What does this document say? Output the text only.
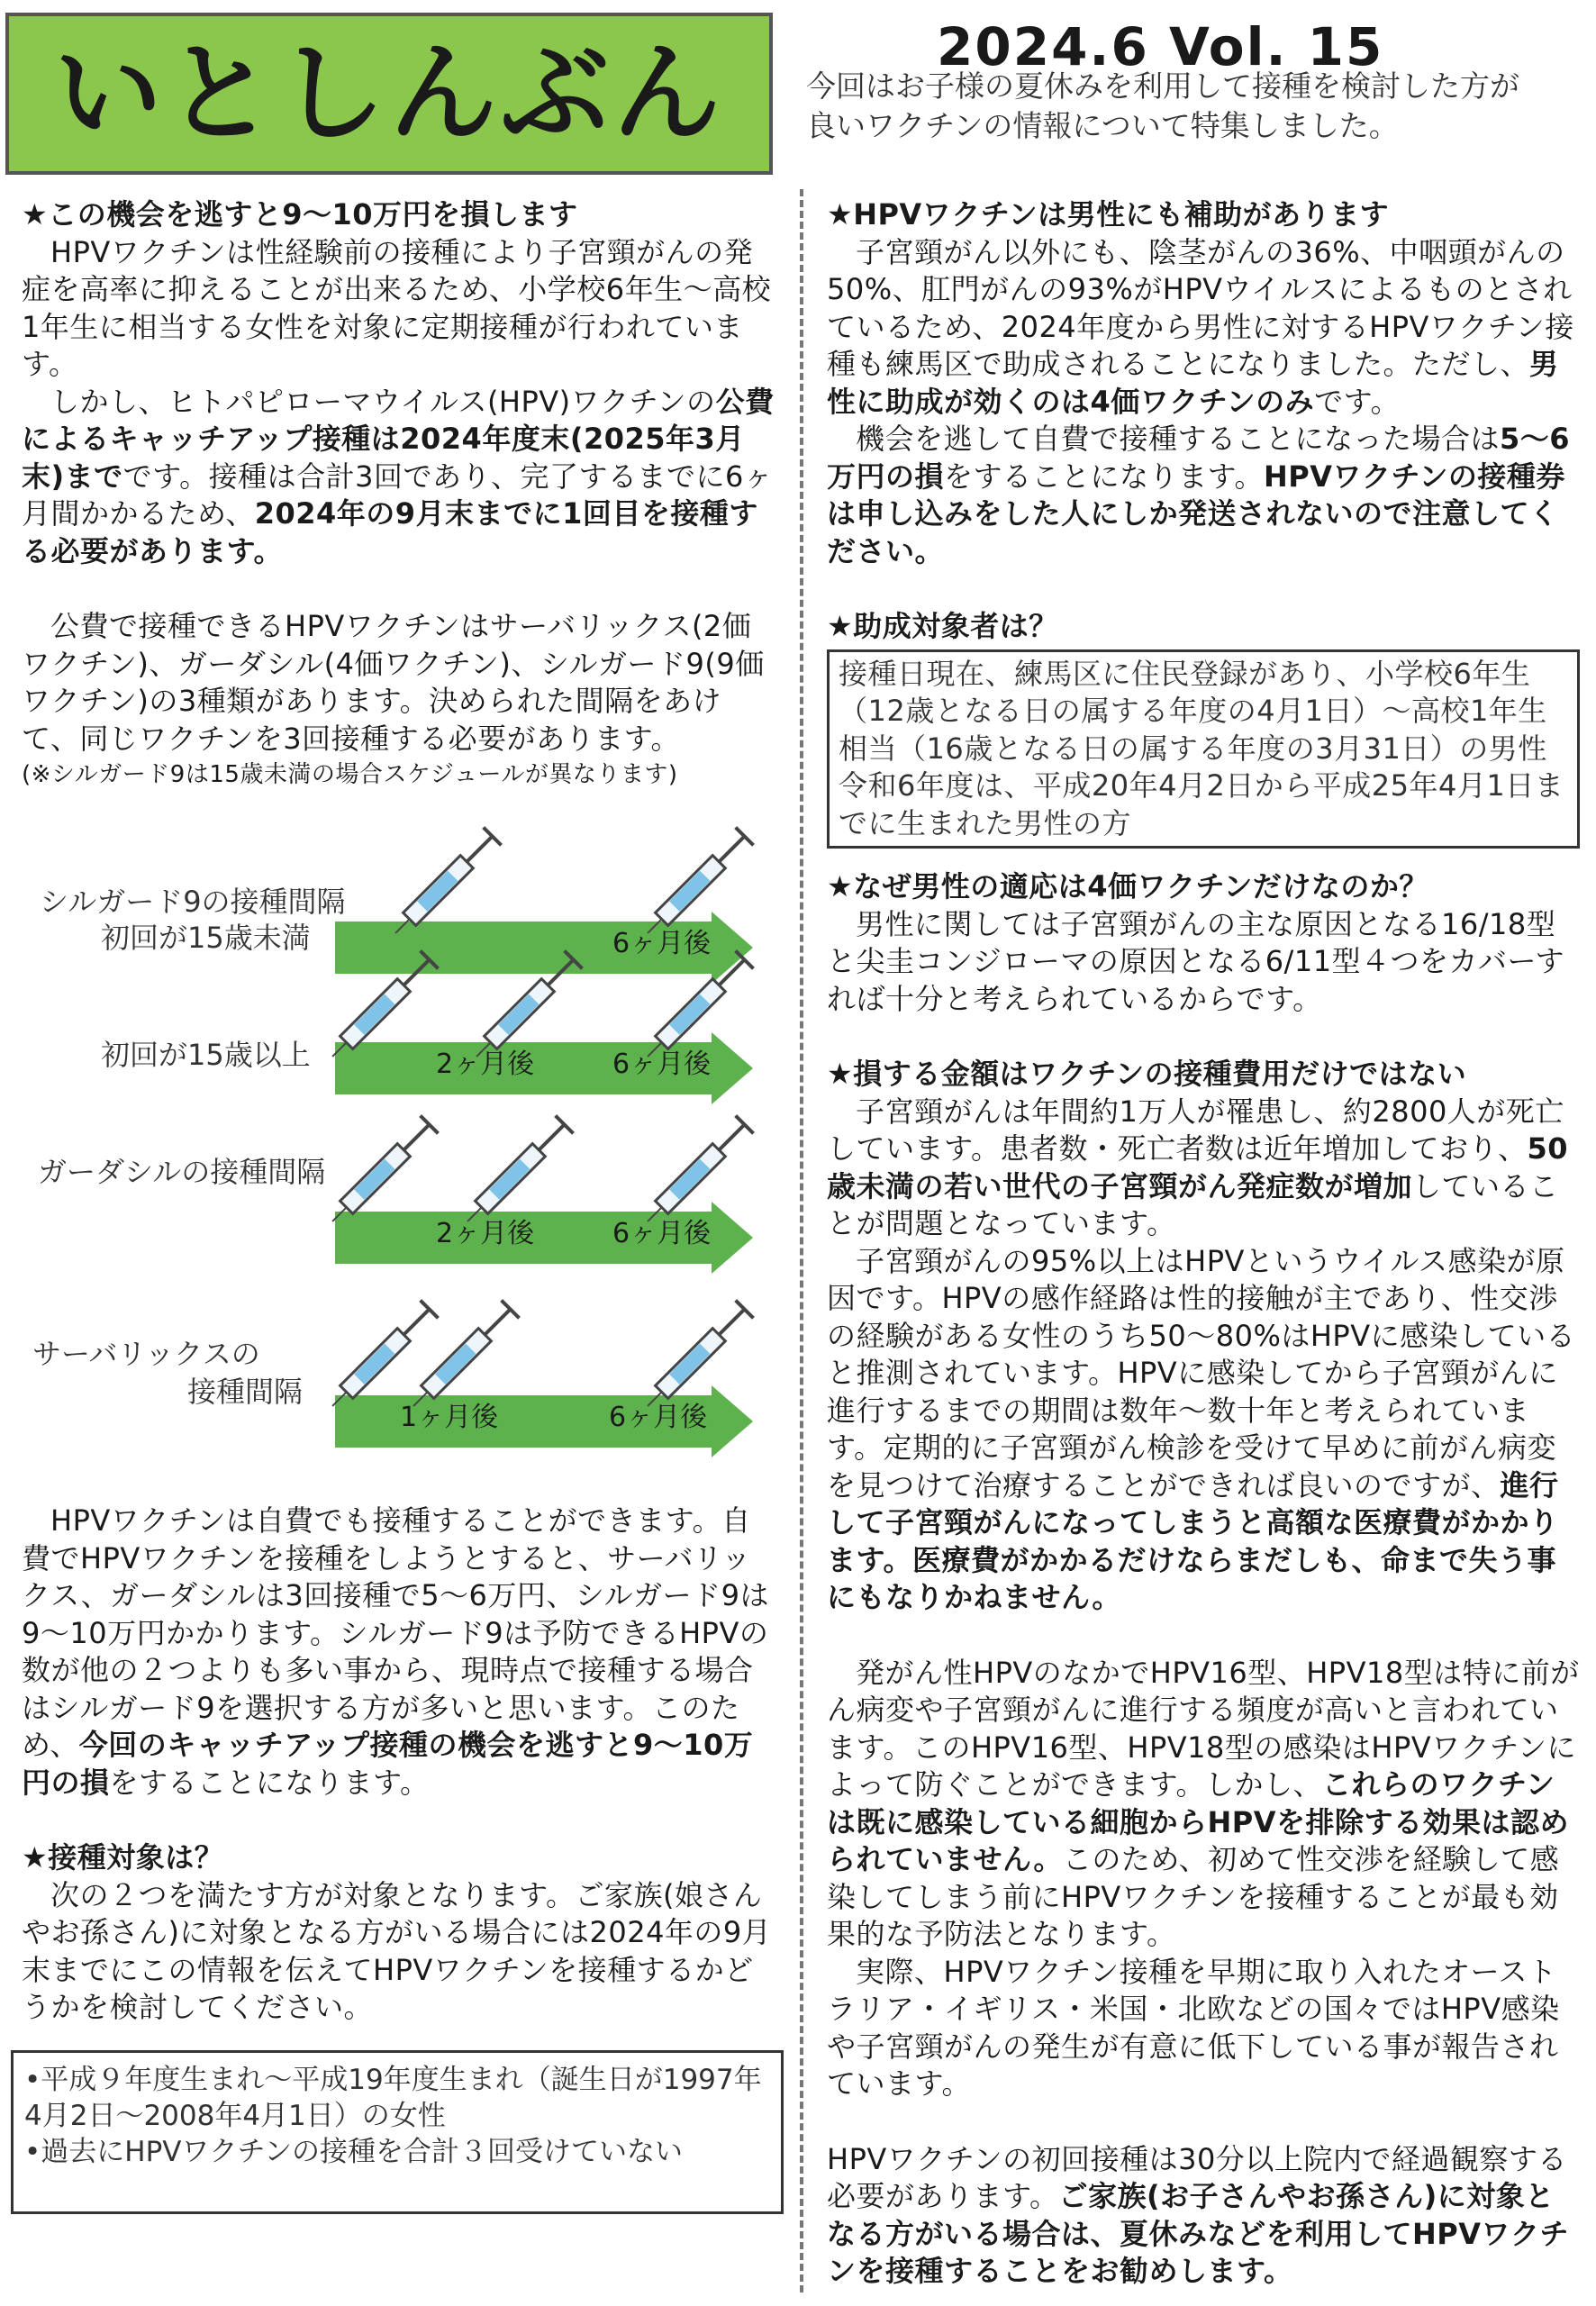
いとしんぶん	2024.6 Vol. 15
今回はお子様の夏休みを利用して接種を検討した方が
良いワクチンの情報について特集しました。

★この機会を逃すと9〜10万円を損します

HPVワクチンは性経験前の接種により子宮頸がんの発症を高率に抑えることが出来るため、小学校6年生〜高校1年生に相当する女性を対象に定期接種が行われています。

しかし、ヒトパピローマウイルス(HPV)ワクチンの公費によるキャッチアップ接種は2024年度末(2025年3月末)までです。接種は合計3回であり、完了するまでに6ヶ月間かかるため、2024年の9月末までに1回目を接種する必要があります。

公費で接種できるHPVワクチンはサーバリックス(2価ワクチン)、ガーダシル(4価ワクチン)、シルガード9(9価ワクチン)の3種類があります。決められた間隔をあけて、同じワクチンを3回接種する必要があります。

(※シルガード9は15歳未満の場合スケジュールが異なります)

シルガード9の接種間隔
初回が15歳未満	6ヶ月後
初回が15歳以上	2ヶ月後	6ヶ月後
ガーダシルの接種間隔
2ヶ月後	6ヶ月後
サーバリックスの
接種間隔
1ヶ月後	6ヶ月後

HPVワクチンは自費でも接種することができます。自費でHPVワクチンを接種をしようとすると、サーバリックス、ガーダシルは3回接種で5〜6万円、シルガード9は9〜10万円かかります。シルガード9は予防できるHPVの数が他の２つよりも多い事から、現時点で接種する場合はシルガード9を選択する方が多いと思います。このため、今回のキャッチアップ接種の機会を逃すと9〜10万円の損をすることになります。

★接種対象は？

次の２つを満たす方が対象となります。ご家族(娘さんやお孫さん)に対象となる方がいる場合には2024年の9月末までにこの情報を伝えてHPVワクチンを接種するかどうかを検討してください。

•平成９年度生まれ〜平成19年度生まれ（誕生日が1997年4月2日〜2008年4月1日）の女性
•過去にHPVワクチンの接種を合計３回受けていない

★HPVワクチンは男性にも補助があります

子宮頸がん以外にも、陰茎がんの36%、中咽頭がんの50%、肛門がんの93%がHPVウイルスによるものとされているため、2024年度から男性に対するHPVワクチン接種も練馬区で助成されることになりました。ただし、男性に助成が効くのは4価ワクチンのみです。

機会を逃して自費で接種することになった場合は5〜6万円の損をすることになります。HPVワクチンの接種券は申し込みをした人にしか発送されないので注意してください。

★助成対象者は？

接種日現在、練馬区に住民登録があり、小学校6年生（12歳となる日の属する年度の4月1日）〜高校1年生相当（16歳となる日の属する年度の3月31日）の男性　令和6年度は、平成20年4月2日から平成25年4月1日までに生まれた男性の方

★なぜ男性の適応は4価ワクチンだけなのか？

男性に関しては子宮頸がんの主な原因となる16/18型と尖圭コンジローマの原因となる6/11型４つをカバーすれば十分と考えられているからです。

★損する金額はワクチンの接種費用だけではない

子宮頸がんは年間約1万人が罹患し、約2800人が死亡しています。患者数・死亡者数は近年増加しており、50歳未満の若い世代の子宮頸がん発症数が増加していることが問題となっています。

子宮頸がんの95%以上はHPVというウイルス感染が原因です。HPVの感作経路は性的接触が主であり、性交渉の経験がある女性のうち50〜80%はHPVに感染していると推測されています。HPVに感染してから子宮頸がんに進行するまでの期間は数年〜数十年と考えられています。定期的に子宮頸がん検診を受けて早めに前がん病変を見つけて治療することができれば良いのですが、進行して子宮頸がんになってしまうと高額な医療費がかかります。医療費がかかるだけならまだしも、命まで失う事にもなりかねません。

発がん性HPVのなかでHPV16型、HPV18型は特に前がん病変や子宮頸がんに進行する頻度が高いと言われています。このHPV16型、HPV18型の感染はHPVワクチンによって防ぐことができます。しかし、これらのワクチンは既に感染している細胞からHPVを排除する効果は認められていません。このため、初めて性交渉を経験して感染してしまう前にHPVワクチンを接種することが最も効果的な予防法となります。

実際、HPVワクチン接種を早期に取り入れたオーストラリア・イギリス・米国・北欧などの国々ではHPV感染や子宮頸がんの発生が有意に低下している事が報告されています。

HPVワクチンの初回接種は30分以上院内で経過観察する必要があります。ご家族(お子さんやお孫さん)に対象となる方がいる場合は、夏休みなどを利用してHPVワクチンを接種することをお勧めします。
